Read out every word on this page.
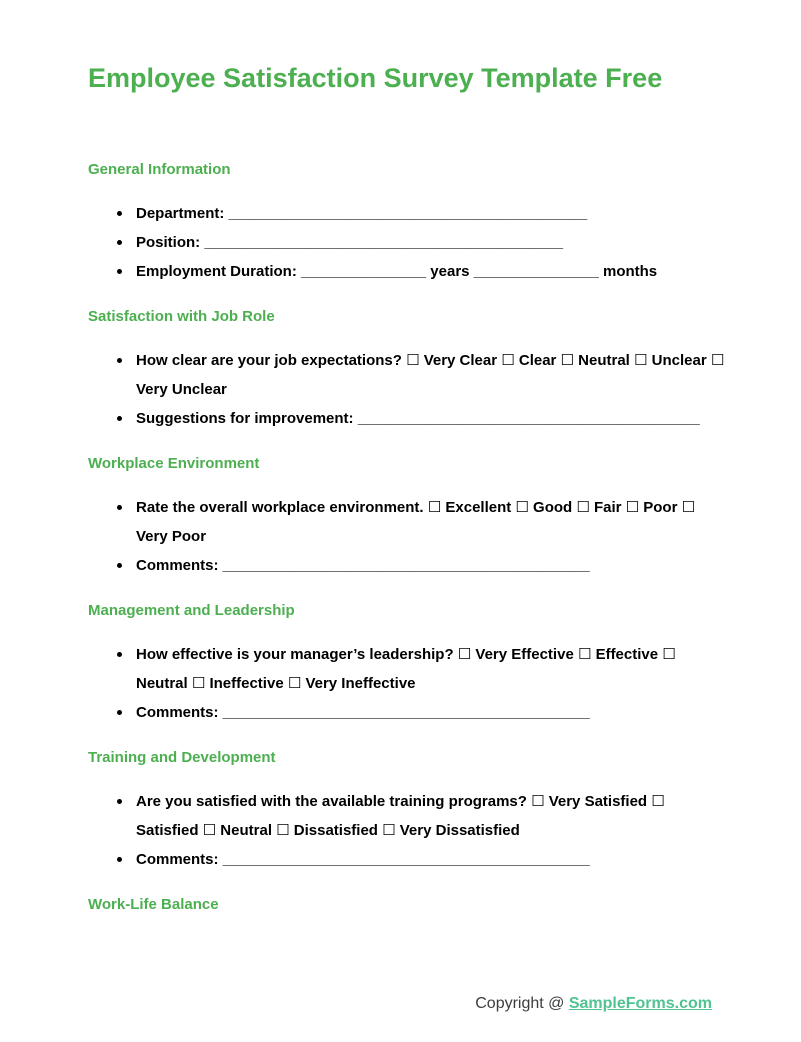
Employee Satisfaction Survey Template Free
General Information
Department: ___________________________________________
Position: ___________________________________________
Employment Duration: _______________ years _______________ months
Satisfaction with Job Role
How clear are your job expectations? ☐ Very Clear ☐ Clear ☐ Neutral ☐ Unclear ☐ Very Unclear
Suggestions for improvement: _________________________________________
Workplace Environment
Rate the overall workplace environment. ☐ Excellent ☐ Good ☐ Fair ☐ Poor ☐ Very Poor
Comments: ____________________________________________
Management and Leadership
How effective is your manager’s leadership? ☐ Very Effective ☐ Effective ☐ Neutral ☐ Ineffective ☐ Very Ineffective
Comments: ____________________________________________
Training and Development
Are you satisfied with the available training programs? ☐ Very Satisfied ☐ Satisfied ☐ Neutral ☐ Dissatisfied ☐ Very Dissatisfied
Comments: ____________________________________________
Work-Life Balance
Copyright @ SampleForms.com
